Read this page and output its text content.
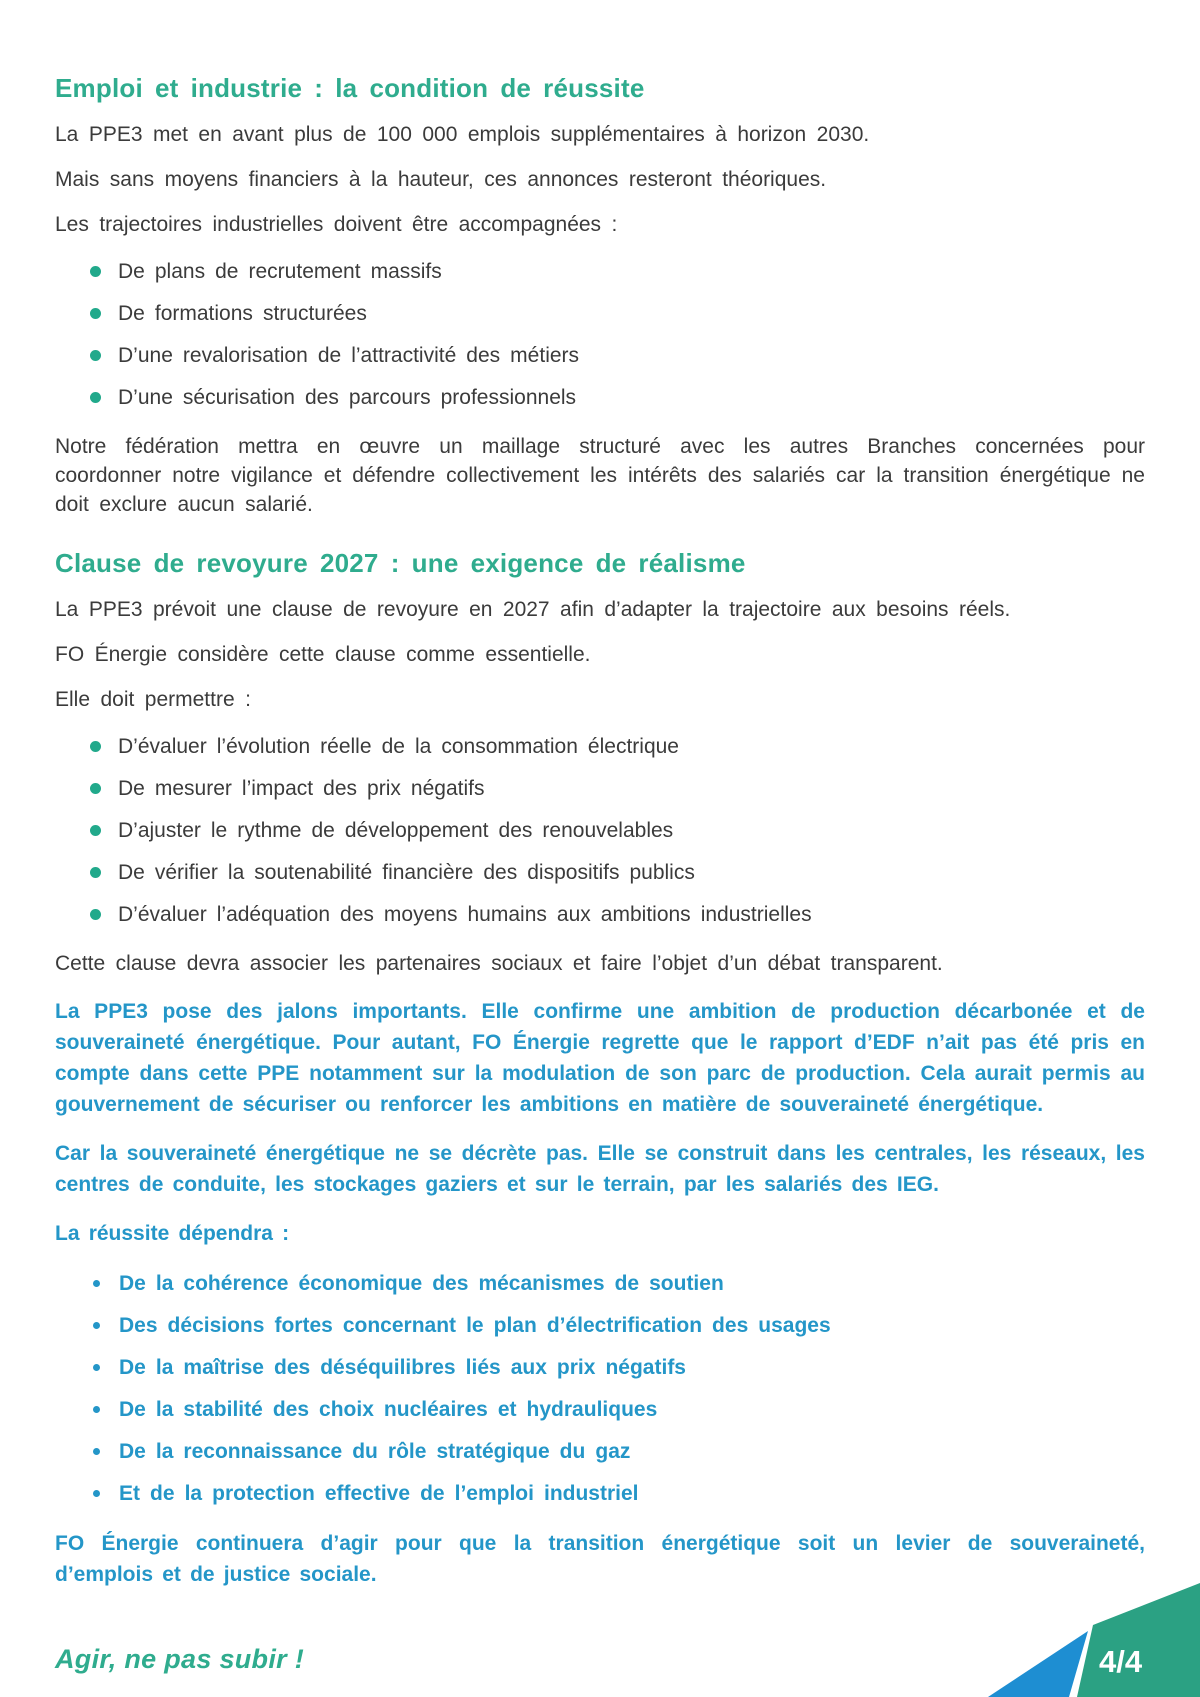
Emploi et industrie : la condition de réussite

La PPE3 met en avant plus de 100 000 emplois supplémentaires à horizon 2030.

Mais sans moyens financiers à la hauteur, ces annonces resteront théoriques.

Les trajectoires industrielles doivent être accompagnées :

De plans de recrutement massifs
De formations structurées
D’une revalorisation de l’attractivité des métiers
D’une sécurisation des parcours professionnels

Notre fédération mettra en œuvre un maillage structuré avec les autres Branches concernées pour coordonner notre vigilance et défendre collectivement les intérêts des salariés car la transition énergétique ne doit exclure aucun salarié.

Clause de revoyure 2027 : une exigence de réalisme

La PPE3 prévoit une clause de revoyure en 2027 afin d’adapter la trajectoire aux besoins réels.

FO Énergie considère cette clause comme essentielle.

Elle doit permettre :

D’évaluer l’évolution réelle de la consommation électrique
De mesurer l’impact des prix négatifs
D’ajuster le rythme de développement des renouvelables
De vérifier la soutenabilité financière des dispositifs publics
D’évaluer l’adéquation des moyens humains aux ambitions industrielles

Cette clause devra associer les partenaires sociaux et faire l’objet d’un débat transparent.

La PPE3 pose des jalons importants. Elle confirme une ambition de production décarbonée et de souveraineté énergétique. Pour autant, FO Énergie regrette que le rapport d’EDF n’ait pas été pris en compte dans cette PPE notamment sur la modulation de son parc de production. Cela aurait permis au gouvernement de sécuriser ou renforcer les ambitions en matière de souveraineté énergétique.

Car la souveraineté énergétique ne se décrète pas. Elle se construit dans les centrales, les réseaux, les centres de conduite, les stockages gaziers et sur le terrain, par les salariés des IEG.

La réussite dépendra :

De la cohérence économique des mécanismes de soutien
Des décisions fortes concernant le plan d’électrification des usages
De la maîtrise des déséquilibres liés aux prix négatifs
De la stabilité des choix nucléaires et hydrauliques
De la reconnaissance du rôle stratégique du gaz
Et de la protection effective de l’emploi industriel

FO Énergie continuera d’agir pour que la transition énergétique soit un levier de souveraineté, d’emplois et de justice sociale.

Agir, ne pas subir !	4/4
